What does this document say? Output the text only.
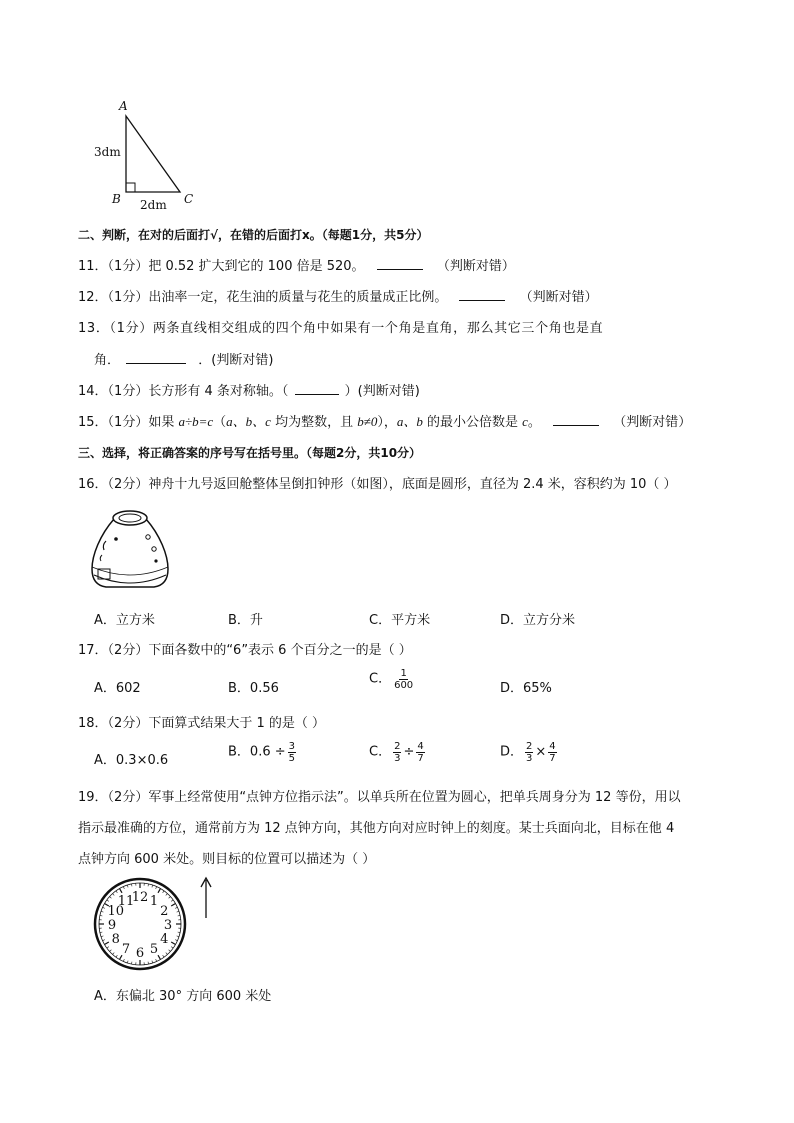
A
B	C
3dm
2dm
二、判断，在对的后面打√，在错的后面打x。（每题1分，共5分）
11．（1分）把 0.52 扩大到它的 100 倍是 520。	（判断对错）
12．（1分）出油率一定，花生油的质量与花生的质量成正比例。	（判断对错）
13．（1分）两条直线相交组成的四个角中如果有一个角是直角，那么其它三个角也是直
角．	．(判断对错)
14．（1分）长方形有 4 条对称轴。（	）(判断对错)
15．（1分）如果 a÷b=c（a、b、c 均为整数，且 b≠0），a、b 的最小公倍数是 c。	（判断对错）
三、选择，将正确答案的序号写在括号里。（每题2分，共10分）
16．（2分）神舟十九号返回舱整体呈倒扣钟形（如图），底面是圆形，直径为 2.4 米，容积约为 10（ ）
A．立方米	B．升	C．平方米	D．立方分米
17．（2分）下面各数中的“6”表示 6 个百分之一的是（ ）
A．602	B．0.56
C． $\frac{1}{600}$	D．65%
18．（2分）下面算式结果大于 1 的是（ ）
A．0.3×0.6
B．$0.6 \div \frac{3}{5}$	C． $\frac{2}{3} \div \frac{4}{7}$	D． $\frac{2}{3} \times \frac{4}{7}$
19．（2分）军事上经常使用“点钟方位指示法”。以单兵所在位置为圆心，把单兵周身分为 12 等份，用以
指示最准确的方位，通常前方为 12 点钟方向，其他方向对应时钟上的刻度。某士兵面向北，目标在他 4
点钟方向 600 米处。则目标的位置可以描述为（ ）
12 1
2
3
4
5
6
7
8
9
10
11
A．东偏北 30° 方向 600 米处
